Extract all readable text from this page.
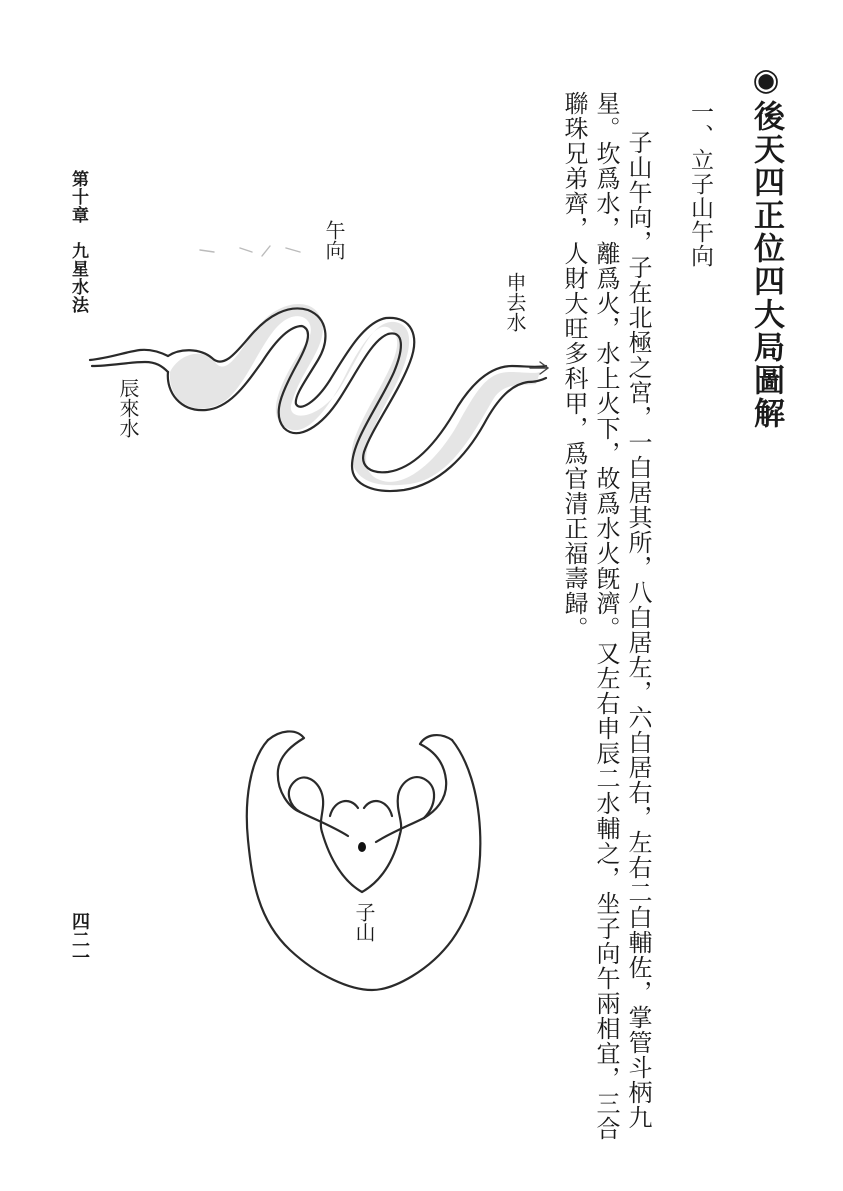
◉後天四正位四大局圖解
一、立子山午向
子山午向，子在北極之宮，一白居其所，八白居左，六白居右，左右二白輔佐，掌管斗柄九
星。坎爲水，離爲火，水上火下，故爲水火旣濟。又左右申辰二水輔之，坐子向午兩相宜，三合
聯珠兄弟齊，人財大旺多科甲，爲官清正福壽歸。
第十章　九星水法
四二一
午向
申去水
辰來水
子山
